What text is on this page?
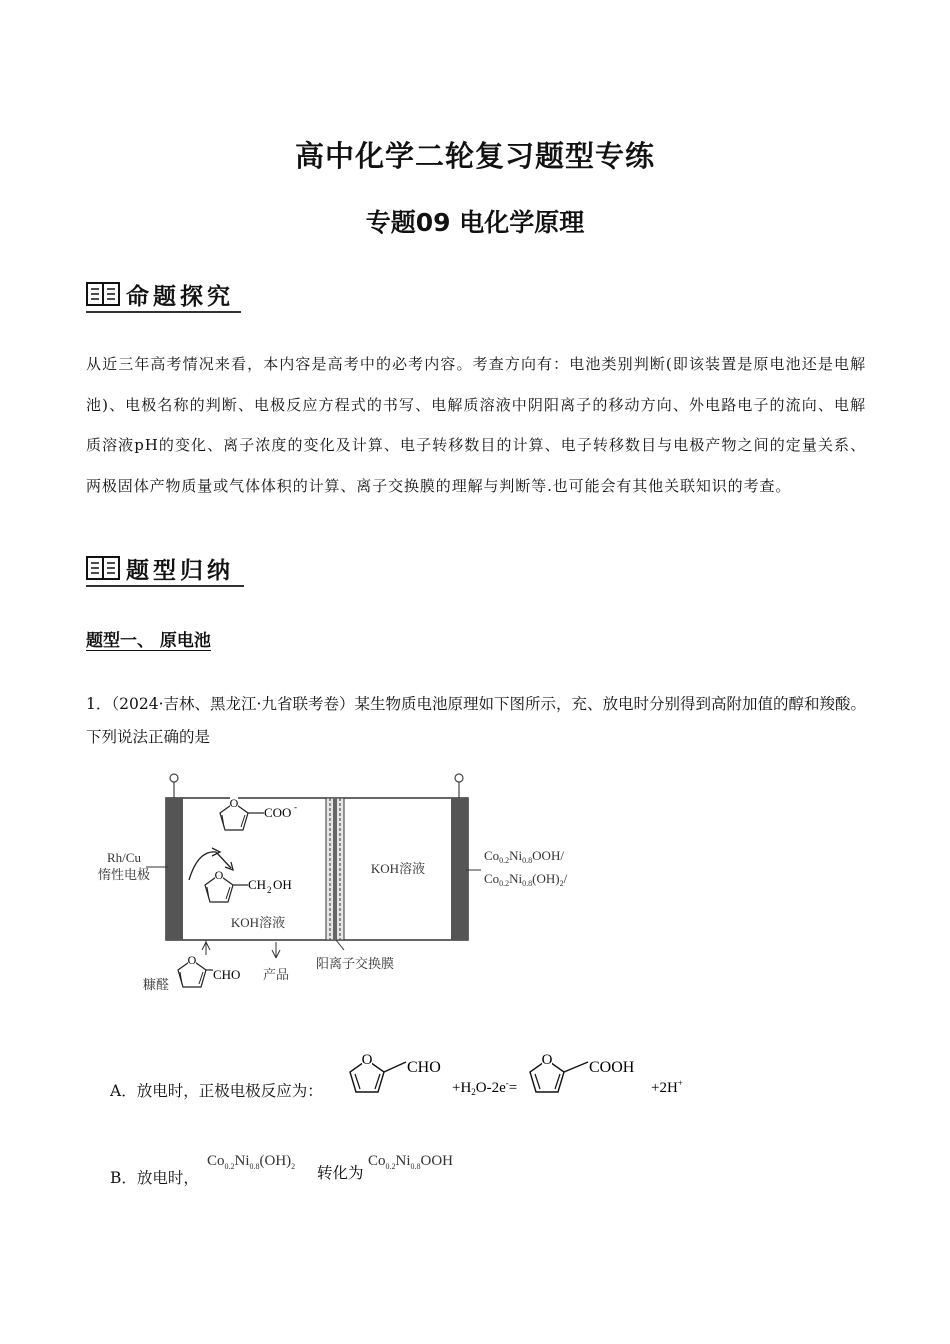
高中化学二轮复习题型专练
专题09 电化学原理
命题探究
从近三年高考情况来看，本内容是高考中的必考内容。考查方向有：电池类别判断(即该装置是原电池还是电解池)、电极名称的判断、电极反应方程式的书写、电解质溶液中阴阳离子的移动方向、外电路电子的流向、电解质溶液pH的变化、离子浓度的变化及计算、电子转移数目的计算、电子转移数目与电极产物之间的定量关系、两极固体产物质量或气体体积的计算、离子交换膜的理解与判断等.也可能会有其他关联知识的考查。
题型归纳
题型一、 原电池
1．（2024·吉林、黑龙江·九省联考卷）某生物质电池原理如下图所示，充、放电时分别得到高附加值的醇和羧酸。下列说法正确的是
Rh/Cu
惰性电极
O
COO -
O
CH 2 OH
KOH溶液
KOH溶液
$Co_{0.2}Ni_{0.8}OOH/$
$Co_{0.2}Ni_{0.8}(OH)_2/$
阳离子交换膜
糠醛
O
CHO 产品
A．放电时，正极电极反应为：
O CHO
$+H_2O-2e^-=$
O COOH
+2H+
B．放电时，
$Co_{0.2}Ni_{0.8}(OH)_2$ 转化为
$Co_{0.2}Ni_{0.8}OOH$
